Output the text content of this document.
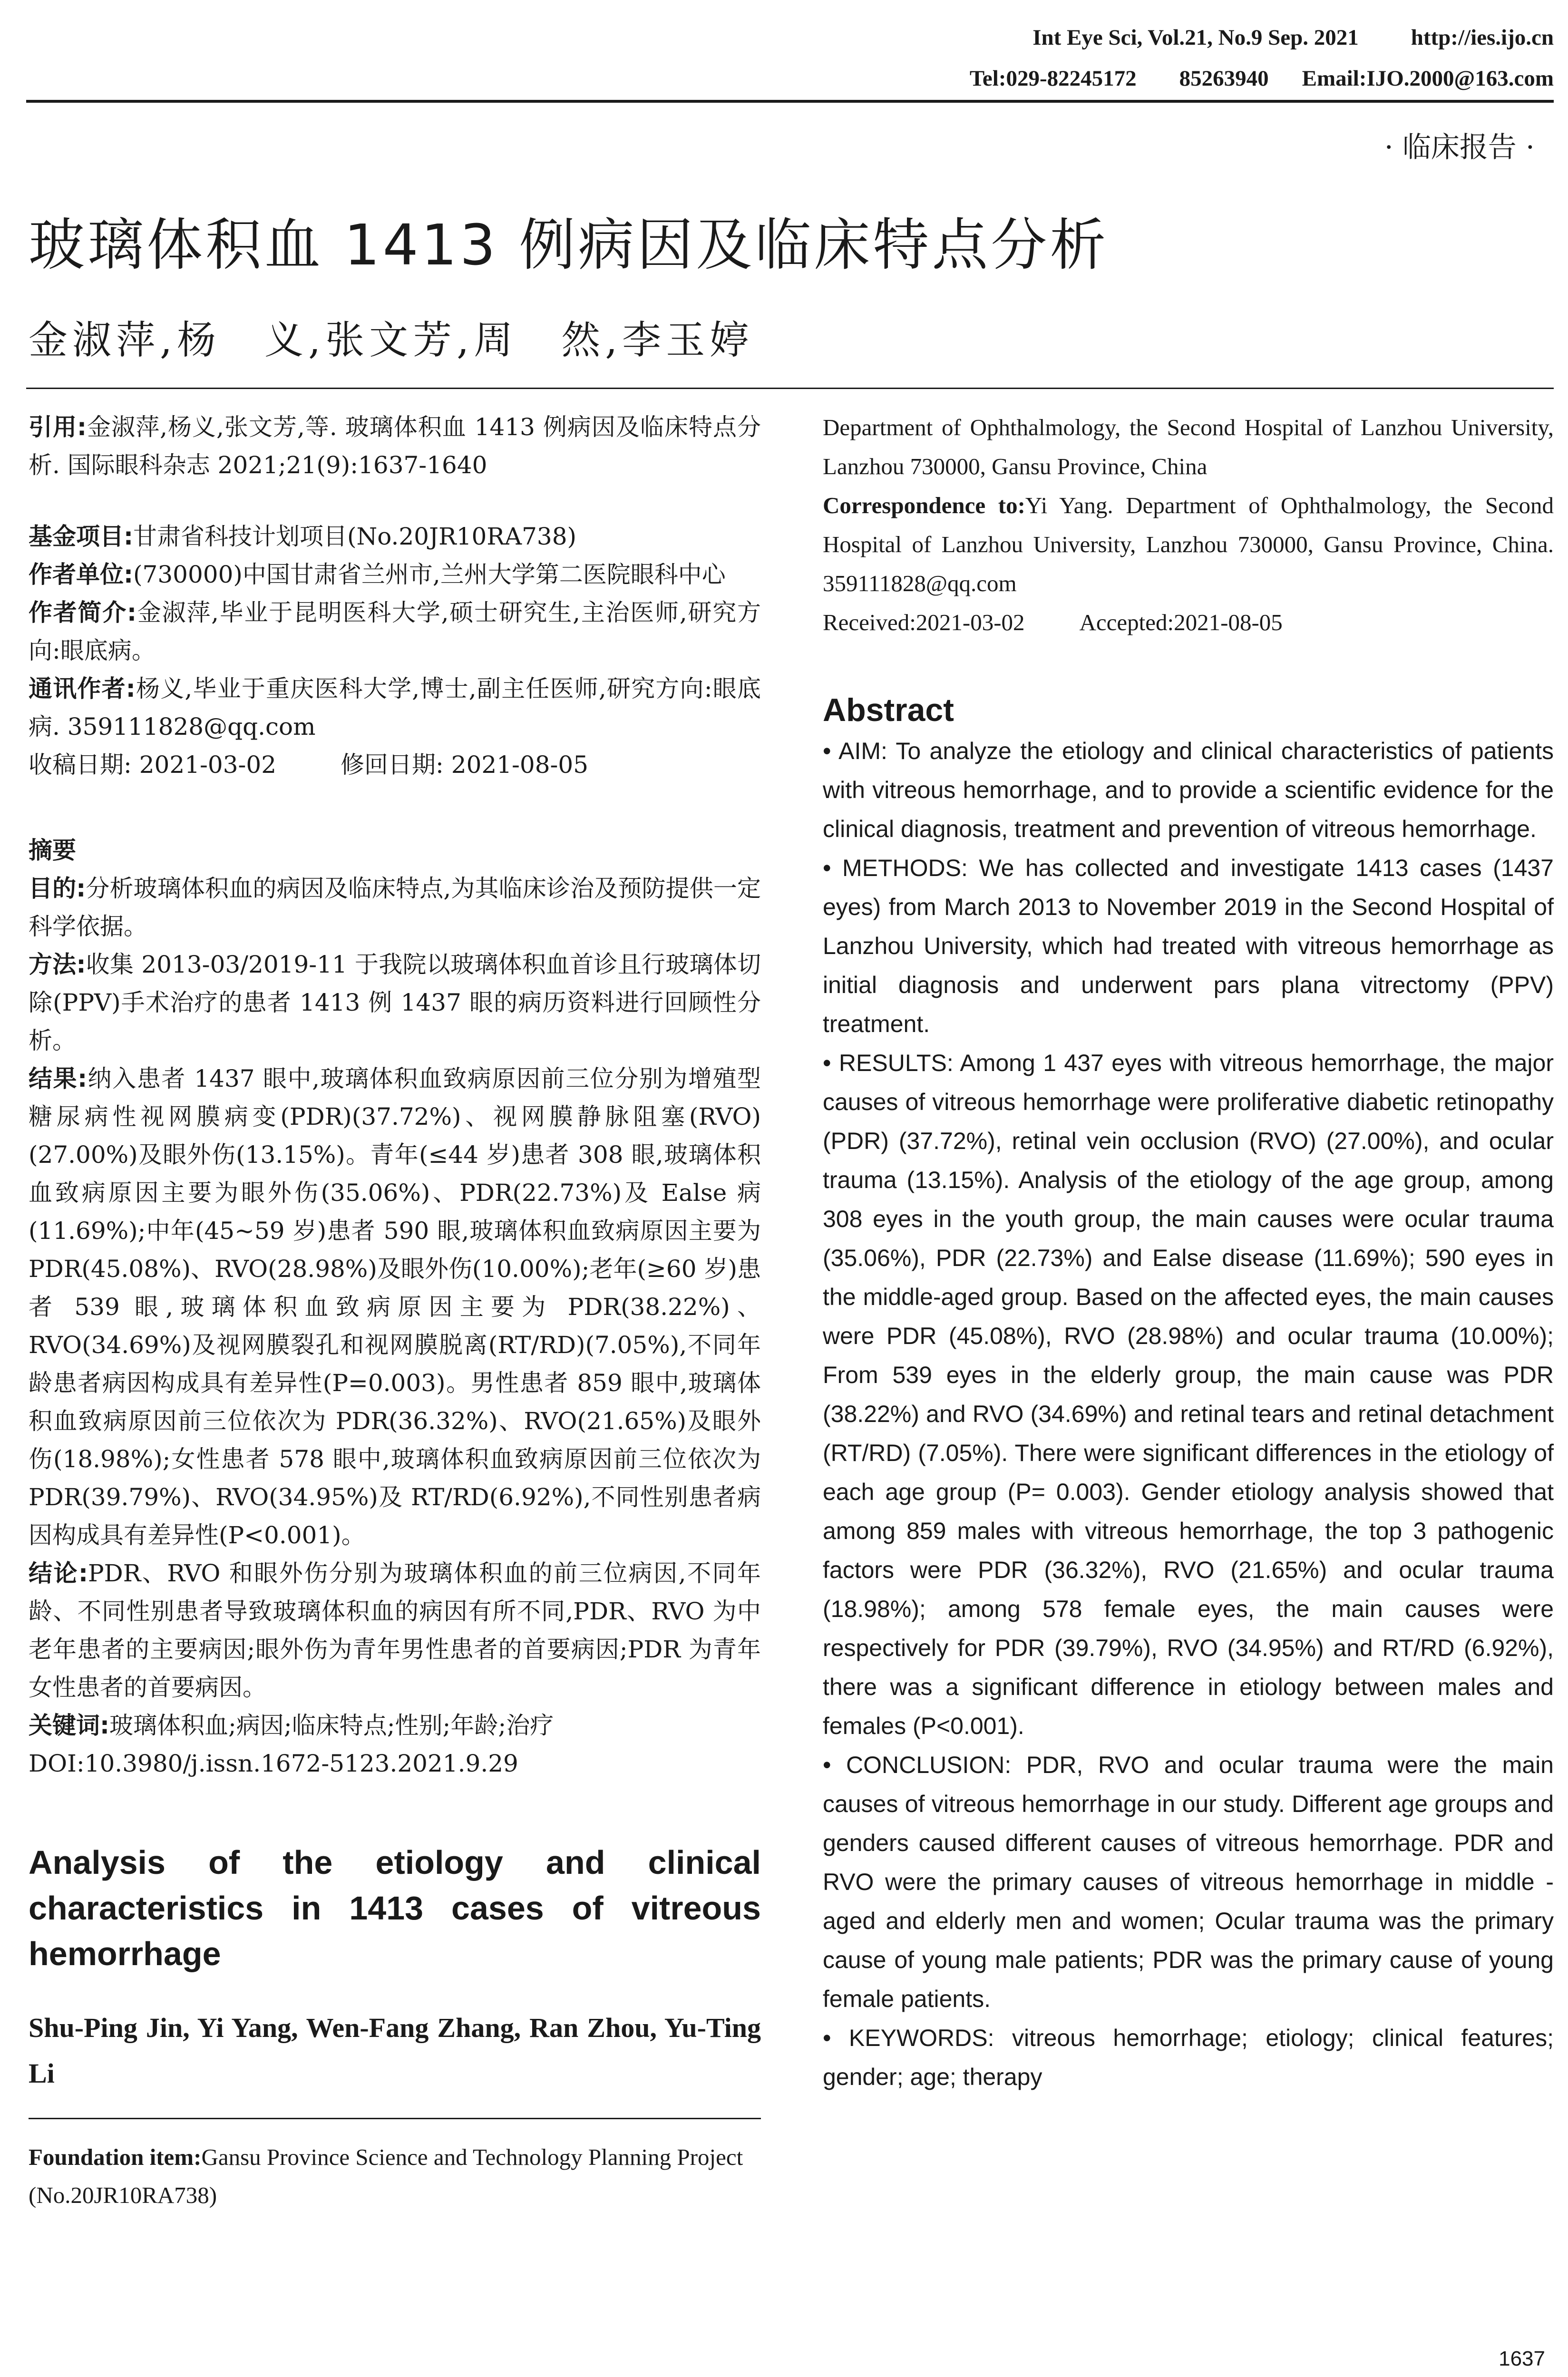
Int Eye Sci, Vol.21, No.9 Sep. 2021 http://ies.ijo.cn
Tel:029-82245172 85263940 Email:IJO.2000@163.com
· 临床报告 ·
玻璃体积血 1413 例病因及临床特点分析
金淑萍,杨　义,张文芳,周　然,李玉婷

引用:金淑萍,杨义,张文芳,等. 玻璃体积血 1413 例病因及临床特点分析. 国际眼科杂志 2021;21(9):1637-1640

基金项目:甘肃省科技计划项目(No.20JR10RA738)

作者单位:(730000)中国甘肃省兰州市,兰州大学第二医院眼科中心

作者简介:金淑萍,毕业于昆明医科大学,硕士研究生,主治医师,研究方向:眼底病。

通讯作者:杨义,毕业于重庆医科大学,博士,副主任医师,研究方向:眼底病. 359111828@qq.com

收稿日期: 2021-03-02	修回日期: 2021-08-05

摘要

目的:分析玻璃体积血的病因及临床特点,为其临床诊治及预防提供一定科学依据。

方法:收集 2013-03/2019-11 于我院以玻璃体积血首诊且行玻璃体切除(PPV)手术治疗的患者 1413 例 1437 眼的病历资料进行回顾性分析。

结果:纳入患者 1437 眼中,玻璃体积血致病原因前三位分别为增殖型糖尿病性视网膜病变(PDR)(37.72%)、视网膜静脉阻塞(RVO)(27.00%)及眼外伤(13.15%)。青年(≤44 岁)患者 308 眼,玻璃体积血致病原因主要为眼外伤(35.06%)、PDR(22.73%)及 Ealse 病(11.69%);中年(45~59 岁)患者 590 眼,玻璃体积血致病原因主要为 PDR(45.08%)、RVO(28.98%)及眼外伤(10.00%);老年(≥60 岁)患者 539 眼,玻璃体积血致病原因主要为 PDR(38.22%)、RVO(34.69%)及视网膜裂孔和视网膜脱离(RT/RD)(7.05%),不同年龄患者病因构成具有差异性(P=0.003)。男性患者 859 眼中,玻璃体积血致病原因前三位依次为 PDR(36.32%)、RVO(21.65%)及眼外伤(18.98%);女性患者 578 眼中,玻璃体积血致病原因前三位依次为 PDR(39.79%)、RVO(34.95%)及 RT/RD(6.92%),不同性别患者病因构成具有差异性(P<0.001)。

结论:PDR、RVO 和眼外伤分别为玻璃体积血的前三位病因,不同年龄、不同性别患者导致玻璃体积血的病因有所不同,PDR、RVO 为中老年患者的主要病因;眼外伤为青年男性患者的首要病因;PDR 为青年女性患者的首要病因。

关键词:玻璃体积血;病因;临床特点;性别;年龄;治疗

DOI:10.3980/j.issn.1672-5123.2021.9.29

Analysis of the etiology and clinical characteristics in 1413 cases of vitreous hemorrhage
Shu-Ping Jin, Yi Yang, Wen-Fang Zhang, Ran Zhou, Yu-Ting Li
Foundation item:Gansu Province Science and Technology Planning Project (No.20JR10RA738)

Department of Ophthalmology, the Second Hospital of Lanzhou University, Lanzhou 730000, Gansu Province, China

Correspondence to:Yi Yang. Department of Ophthalmology, the Second Hospital of Lanzhou University, Lanzhou 730000, Gansu Province, China. 359111828@qq.com

Received:2021-03-02 Accepted:2021-08-05

Abstract

• AIM: To analyze the etiology and clinical characteristics of patients with vitreous hemorrhage, and to provide a scientific evidence for the clinical diagnosis, treatment and prevention of vitreous hemorrhage.

• METHODS: We has collected and investigate 1413 cases (1437 eyes) from March 2013 to November 2019 in the Second Hospital of Lanzhou University, which had treated with vitreous hemorrhage as initial diagnosis and underwent pars plana vitrectomy (PPV) treatment.

• RESULTS: Among 1 437 eyes with vitreous hemorrhage, the major causes of vitreous hemorrhage were proliferative diabetic retinopathy (PDR) (37.72%), retinal vein occlusion (RVO) (27.00%), and ocular trauma (13.15%). Analysis of the etiology of the age group, among 308 eyes in the youth group, the main causes were ocular trauma (35.06%), PDR (22.73%) and Ealse disease (11.69%); 590 eyes in the middle-aged group. Based on the affected eyes, the main causes were PDR (45.08%), RVO (28.98%) and ocular trauma (10.00%); From 539 eyes in the elderly group, the main cause was PDR (38.22%) and RVO (34.69%) and retinal tears and retinal detachment (RT/RD) (7.05%). There were significant differences in the etiology of each age group (P= 0.003). Gender etiology analysis showed that among 859 males with vitreous hemorrhage, the top 3 pathogenic factors were PDR (36.32%), RVO (21.65%) and ocular trauma (18.98%); among 578 female eyes, the main causes were respectively for PDR (39.79%), RVO (34.95%) and RT/RD (6.92%), there was a significant difference in etiology between males and females (P<0.001).

• CONCLUSION: PDR, RVO and ocular trauma were the main causes of vitreous hemorrhage in our study. Different age groups and genders caused different causes of vitreous hemorrhage. PDR and RVO were the primary causes of vitreous hemorrhage in middle - aged and elderly men and women; Ocular trauma was the primary cause of young male patients; PDR was the primary cause of young female patients.

• KEYWORDS: vitreous hemorrhage; etiology; clinical features; gender; age; therapy

1637
